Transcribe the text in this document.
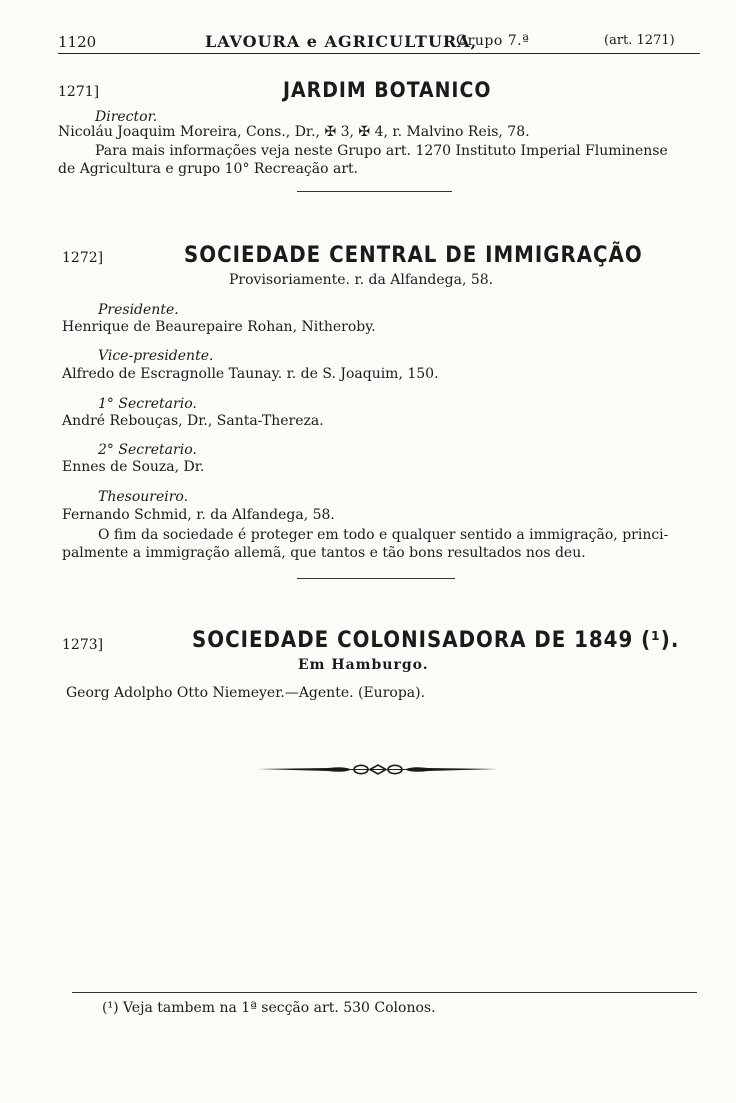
1120	LAVOURA e AGRICULTURA,
Grupo 7.ª	(art. 1271)
1271]	JARDIM BOTANICO
Director.
Nicoláu Joaquim Moreira, Cons., Dr., ✠ 3, ✠ 4, r. Malvino Reis, 78.
Para mais informações veja neste Grupo art. 1270 Instituto Imperial Fluminense
de Agricultura e grupo 10° Recreação art.
1272]	SOCIEDADE CENTRAL DE IMMIGRAÇÃO
Provisoriamente. r. da Alfandega, 58.
Presidente.
Henrique de Beaurepaire Rohan, Nitheroby.
Vice-presidente.
Alfredo de Escragnolle Taunay. r. de S. Joaquim, 150.
1° Secretario.
André Rebouças, Dr., Santa-Thereza.
2° Secretario.
Ennes de Souza, Dr.
Thesoureiro.
Fernando Schmid, r. da Alfandega, 58.
O fim da sociedade é proteger em todo e qualquer sentido a immigração, princi-
palmente a immigração allemã, que tantos e tão bons resultados nos deu.
1273]	SOCIEDADE COLONISADORA DE 1849 (¹).
Em Hamburgo.
Georg Adolpho Otto Niemeyer.—Agente. (Europa).
(¹) Veja tambem na 1ª secção art. 530 Colonos.
